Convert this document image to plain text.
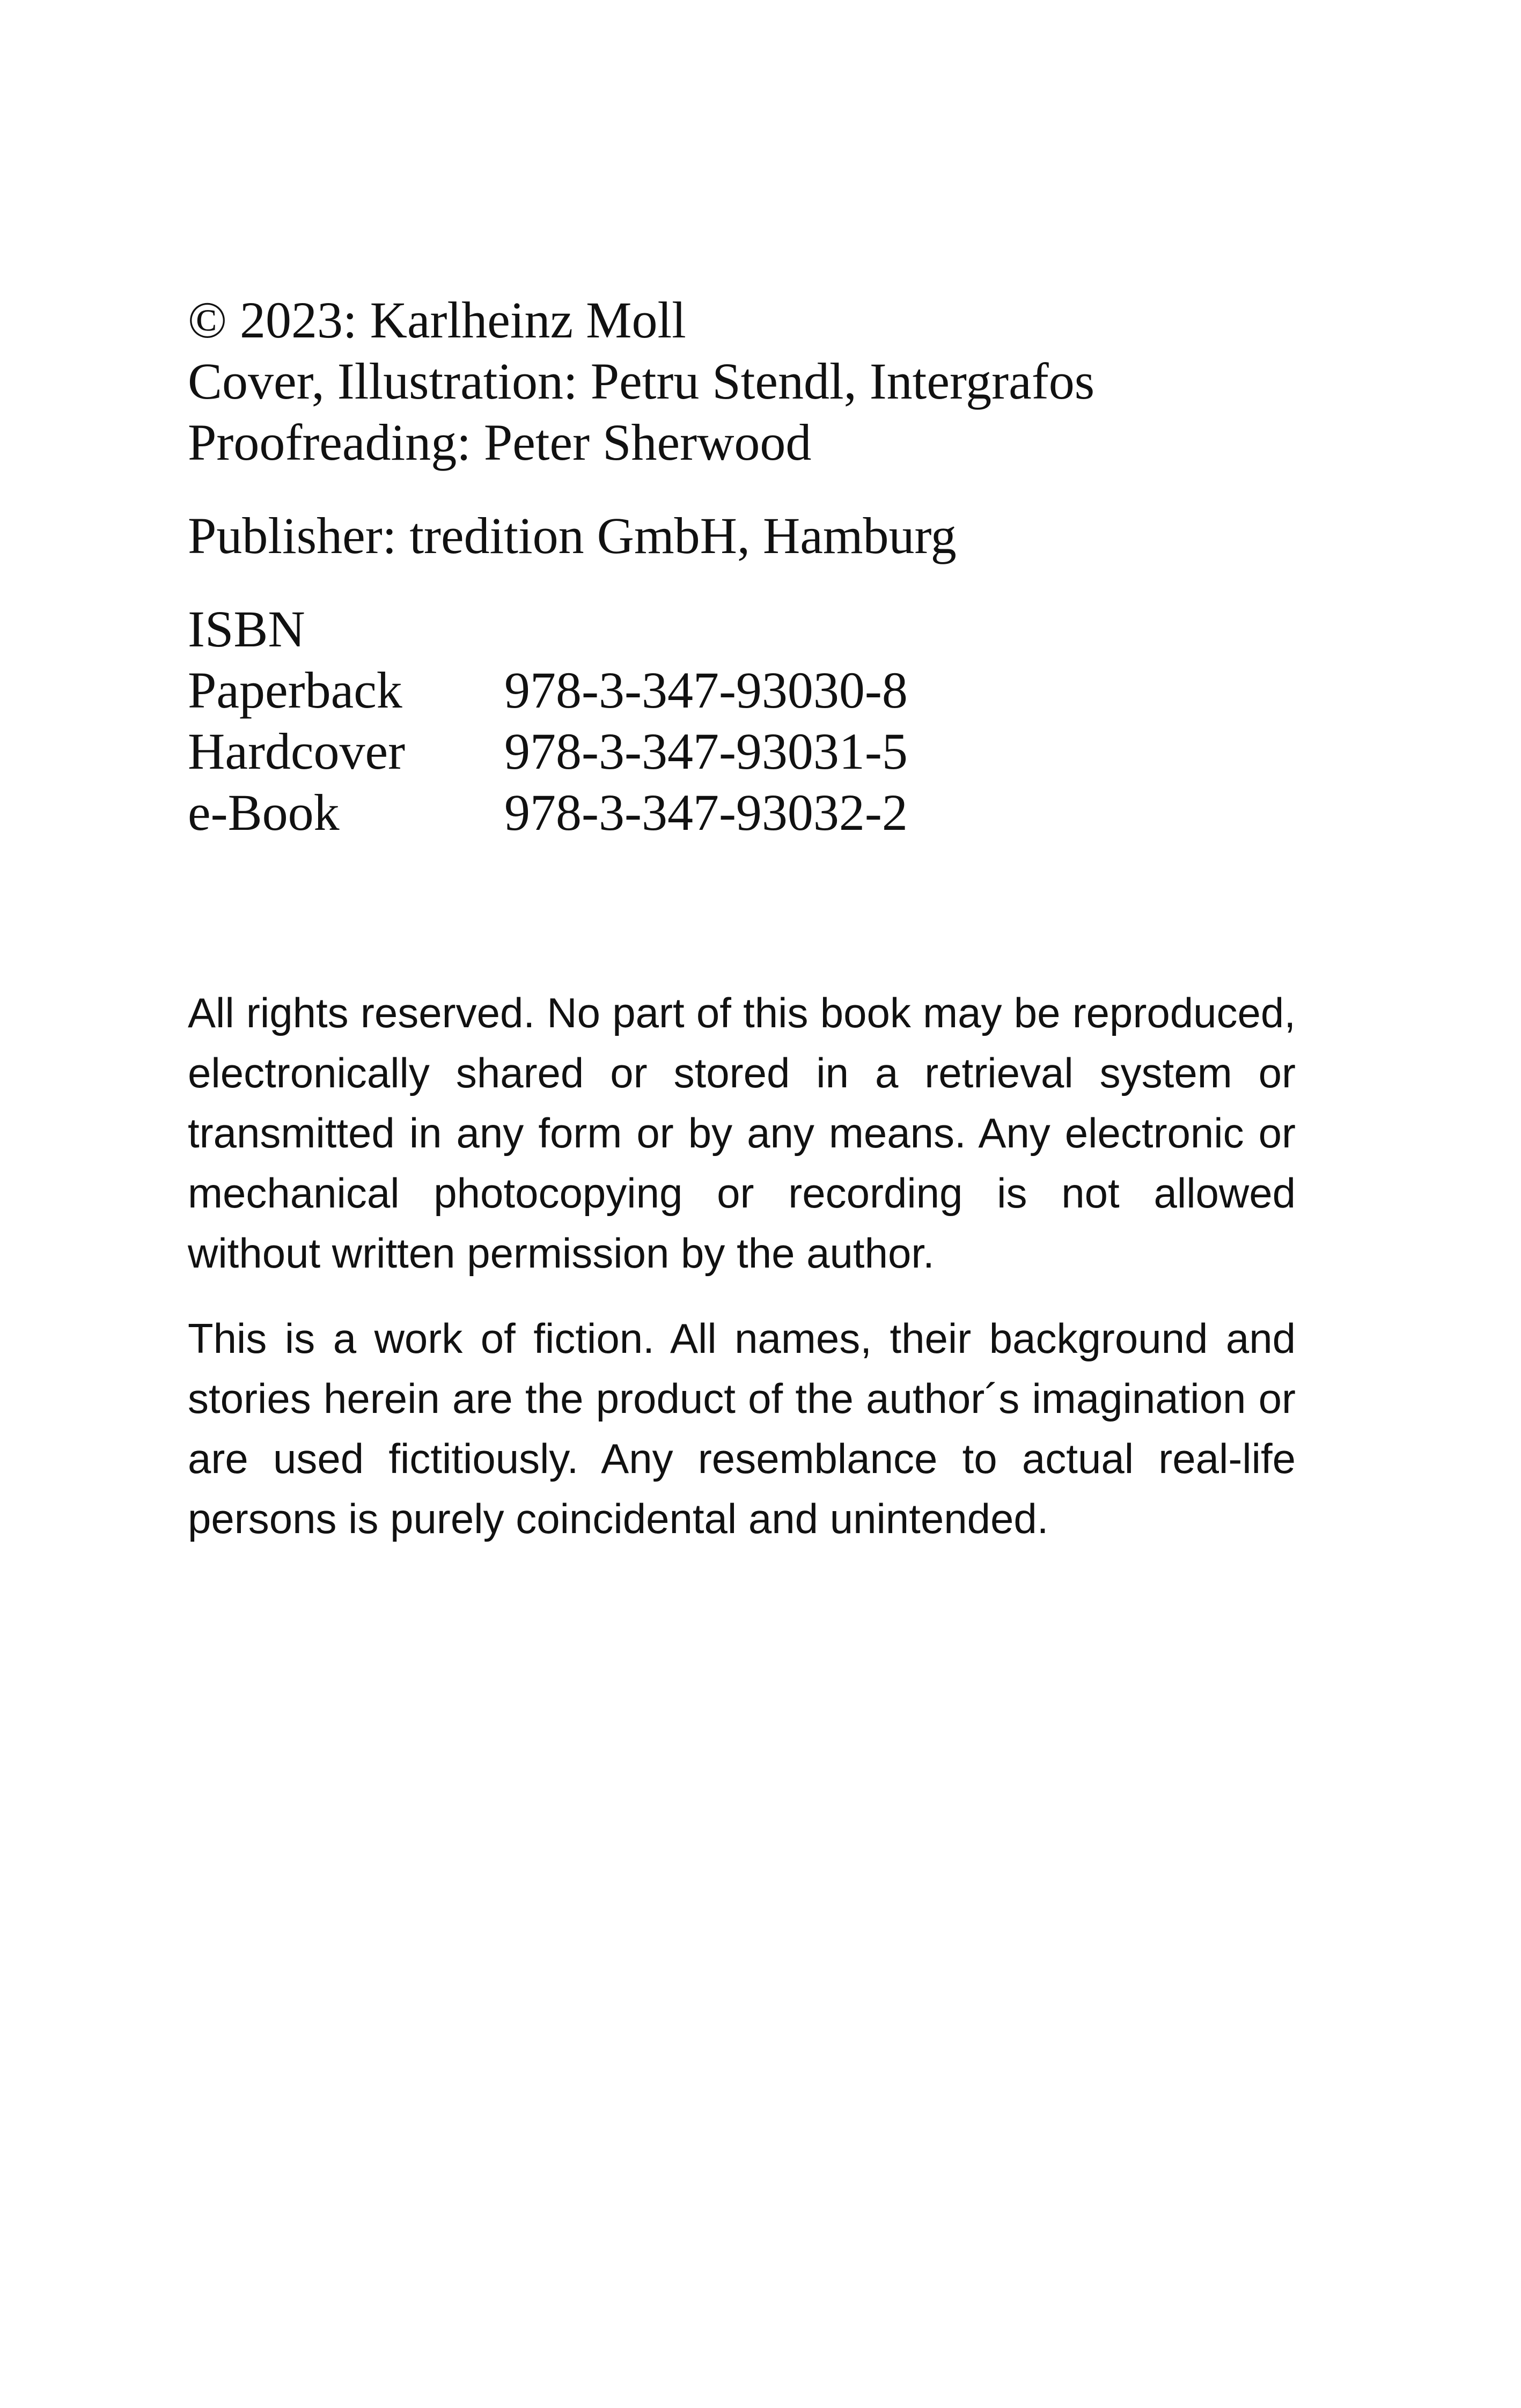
© 2023: Karlheinz Moll
Cover, Illustration: Petru Stendl, Intergrafos
Proofreading: Peter Sherwood
Publisher: tredition GmbH, Hamburg
ISBN
Paperback	978-3-347-93030-8
Hardcover	978-3-347-93031-5
e-Book	978-3-347-93032-2

All rights reserved. No part of this book may be reproduced, electronically shared or stored in a retrieval system or transmitted in any form or by any means. Any electronic or mechanical photocopying or recording is not allowed without written permission by the author.

This is a work of fiction. All names, their background and stories herein are the product of the author´s imagination or are used fictitiously. Any resemblance to actual real-life persons is purely coincidental and unintended.
